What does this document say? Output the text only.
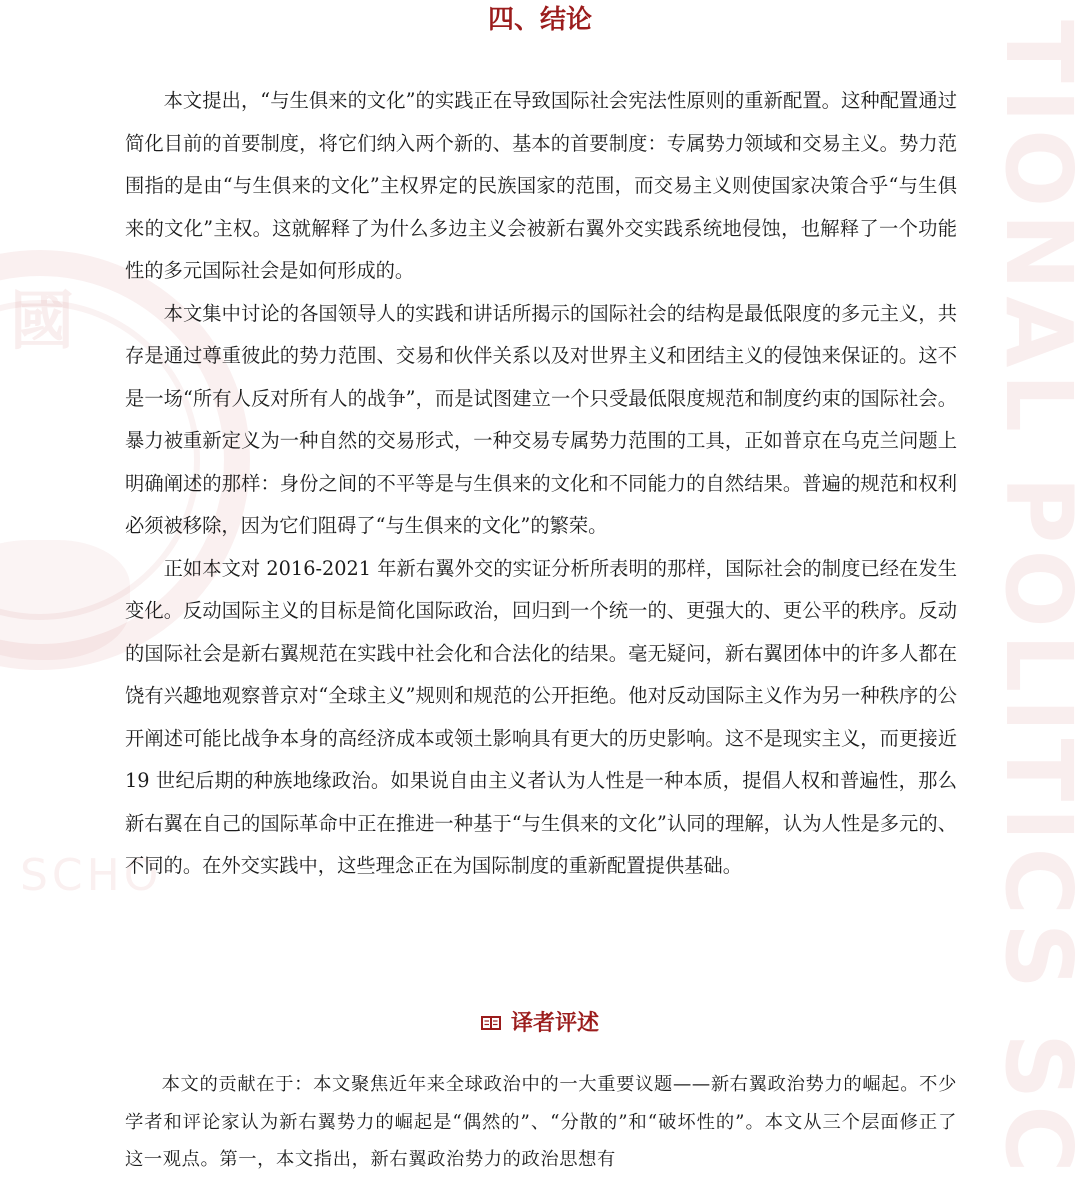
國
SCHO	TIONAL POLITICS SC
四、结论

本文提出，“与生俱来的文化”的实践正在导致国际社会宪法性原则的重新配置。这种配置通过简化目前的首要制度，将它们纳入两个新的、基本的首要制度：专属势力领域和交易主义。势力范围指的是由“与生俱来的文化”主权界定的民族国家的范围，而交易主义则使国家决策合乎“与生俱来的文化”主权。这就解释了为什么多边主义会被新右翼外交实践系统地侵蚀，也解释了一个功能性的多元国际社会是如何形成的。

本文集中讨论的各国领导人的实践和讲话所揭示的国际社会的结构是最低限度的多元主义，共存是通过尊重彼此的势力范围、交易和伙伴关系以及对世界主义和团结主义的侵蚀来保证的。这不是一场“所有人反对所有人的战争”，而是试图建立一个只受最低限度规范和制度约束的国际社会。暴力被重新定义为一种自然的交易形式，一种交易专属势力范围的工具，正如普京在乌克兰问题上明确阐述的那样：身份之间的不平等是与生俱来的文化和不同能力的自然结果。普遍的规范和权利必须被移除，因为它们阻碍了“与生俱来的文化”的繁荣。

正如本文对 2016-2021 年新右翼外交的实证分析所表明的那样，国际社会的制度已经在发生变化。反动国际主义的目标是简化国际政治，回归到一个统一的、更强大的、更公平的秩序。反动的国际社会是新右翼规范在实践中社会化和合法化的结果。毫无疑问，新右翼团体中的许多人都在饶有兴趣地观察普京对“全球主义”规则和规范的公开拒绝。他对反动国际主义作为另一种秩序的公开阐述可能比战争本身的高经济成本或领土影响具有更大的历史影响。这不是现实主义，而更接近 19 世纪后期的种族地缘政治。如果说自由主义者认为人性是一种本质，提倡人权和普遍性，那么新右翼在自己的国际革命中正在推进一种基于“与生俱来的文化”认同的理解，认为人性是多元的、不同的。在外交实践中，这些理念正在为国际制度的重新配置提供基础。

译者评述

本文的贡献在于：本文聚焦近年来全球政治中的一大重要议题——新右翼政治势力的崛起。不少学者和评论家认为新右翼势力的崛起是“偶然的”、“分散的”和“破坏性的”。本文从三个层面修正了这一观点。第一，本文指出，新右翼政治势力的政治思想有
